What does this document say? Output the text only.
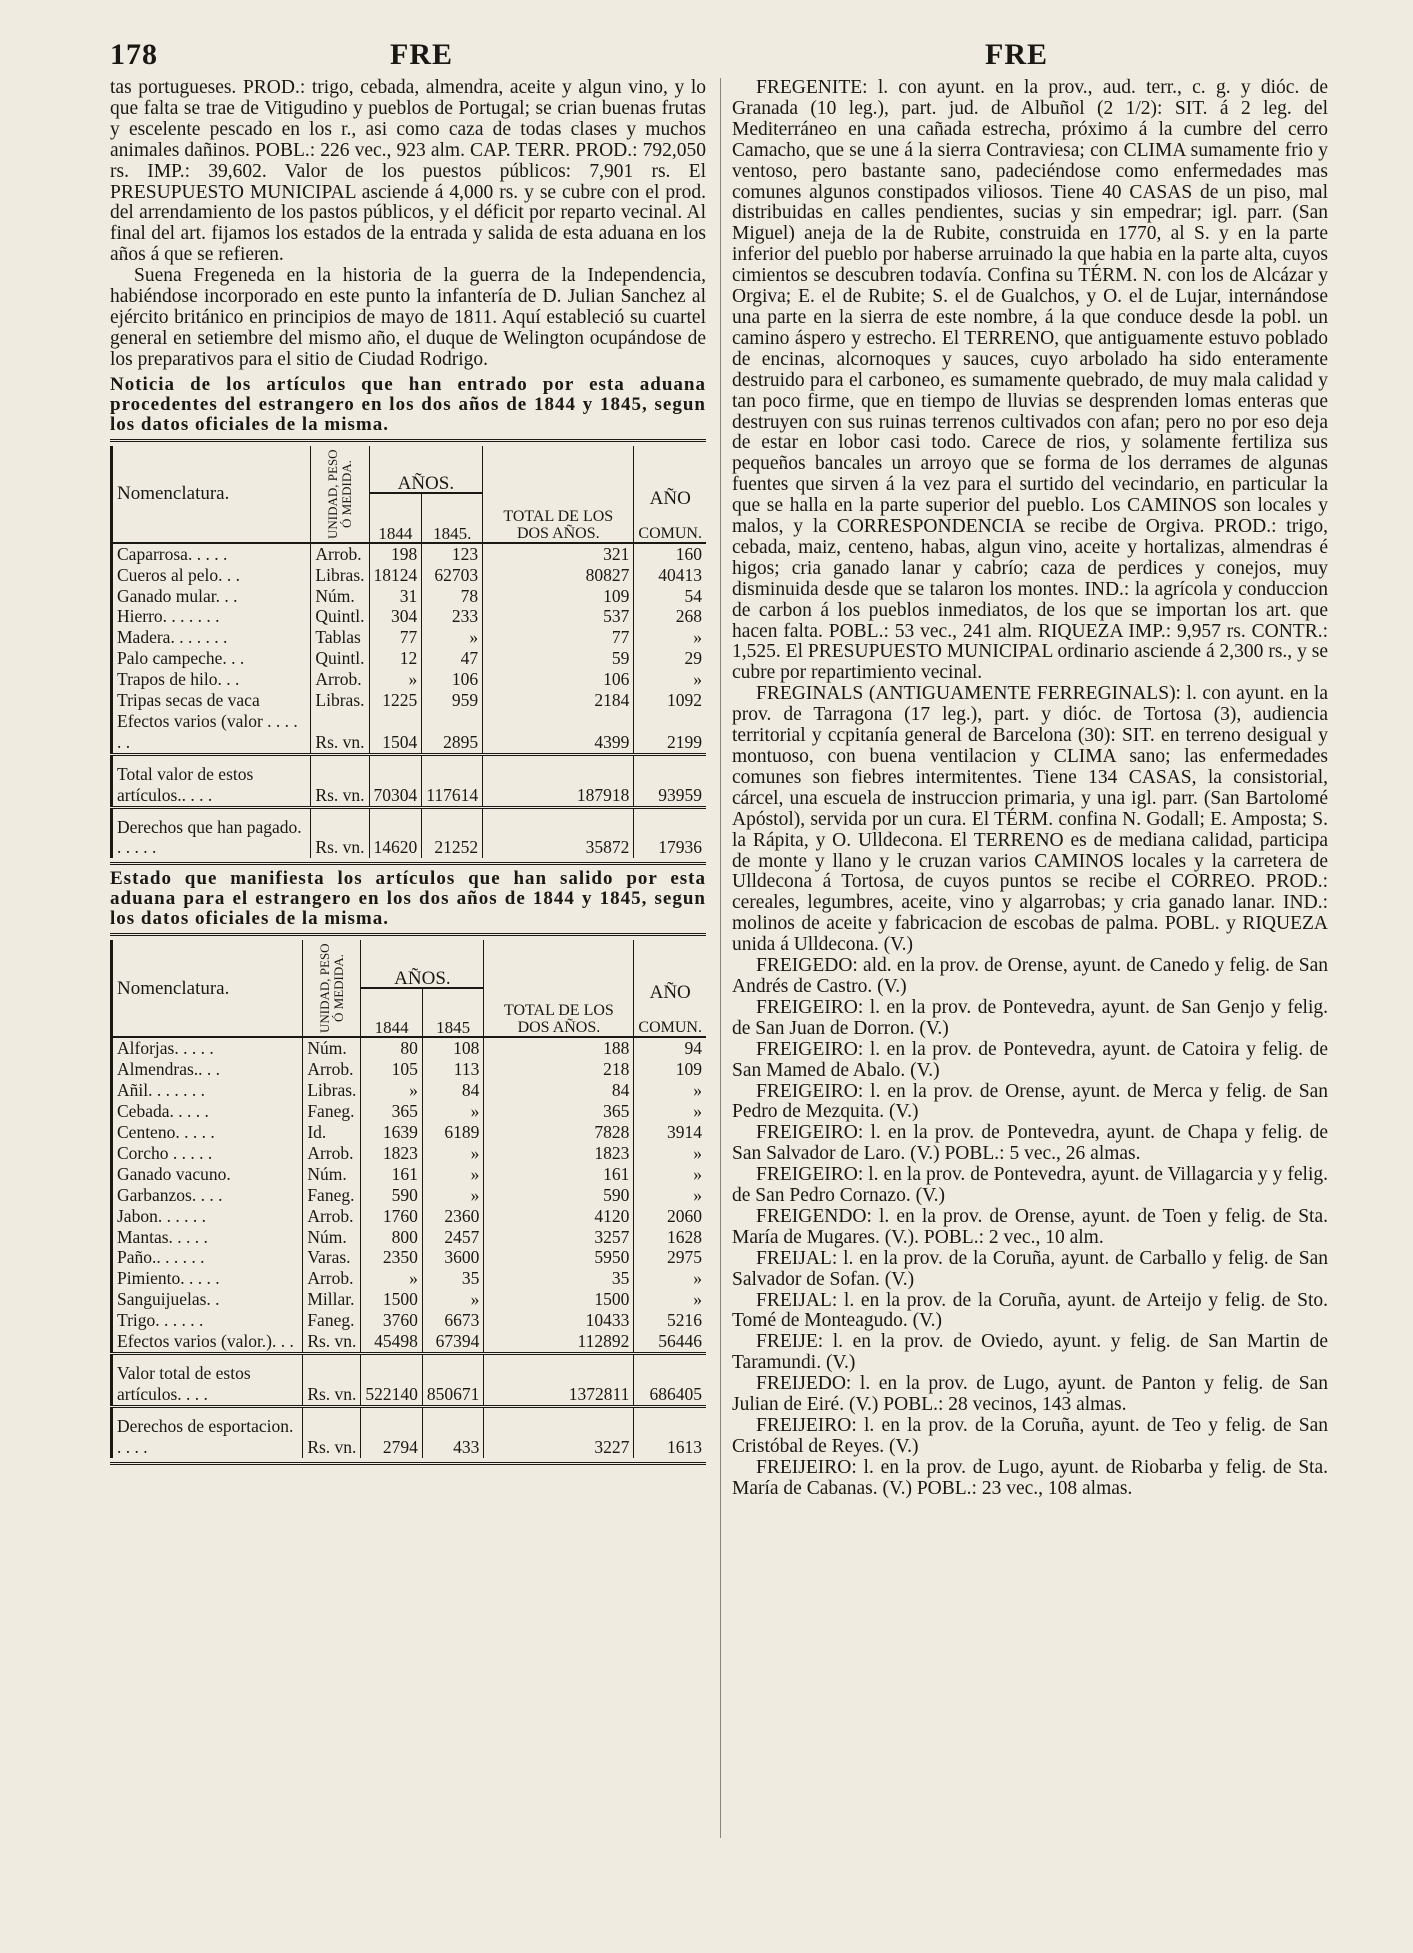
178	FRE	FRE

tas portugueses. PROD.: trigo, cebada, almendra, aceite y algun vino, y lo que falta se trae de Vitigudino y pueblos de Portugal; se crian buenas frutas y escelente pescado en los r., asi como caza de todas clases y muchos animales dañinos. POBL.: 226 vec., 923 alm. CAP. TERR. PROD.: 792,050 rs. IMP.: 39,602. Valor de los puestos públicos: 7,901 rs. El PRESUPUESTO MUNICIPAL asciende á 4,000 rs. y se cubre con el prod. del arrendamiento de los pastos públicos, y el déficit por reparto vecinal. Al final del art. fijamos los estados de la entrada y salida de esta aduana en los años á que se refieren.

Suena Fregeneda en la historia de la guerra de la Independencia, habiéndose incorporado en este punto la infantería de D. Julian Sanchez al ejército británico en principios de mayo de 1811. Aquí estableció su cuartel general en setiembre del mismo año, el duque de Welington ocupándose de los preparativos para el sitio de Ciudad Rodrigo.

Noticia de los artículos que han entrado por esta aduana procedentes del estrangero en los dos años de 1844 y 1845, segun los datos oficiales de la misma.
Nomenclatura.	UNIDAD, PESO Ó MEDIDA.	AÑOS.		TOTAL DE LOS DOS AÑOS.	AÑO

COMUN.
		1844	1845.		
Caparrosa. . . . .	Arrob.	198	123	321	160
Cueros al pelo. . .	Libras.	18124	62703	80827	40413
Ganado mular. . .	Núm.	31	78	109	54
Hierro. . . . . . .	Quintl.	304	233	537	268
Madera. . . . . . .	Tablas	77	»	77	»
Palo campeche. . .	Quintl.	12	47	59	29
Trapos de hilo. . .	Arrob.	»	106	106	»
Tripas secas de vaca	Libras.	1225	959	2184	1092
Efectos varios (valor . . . . . .	Rs. vn.	1504	2895	4399	2199
Total valor de estos artículos.. . . .	Rs. vn.	70304	117614	187918	93959
Derechos que han pagado. . . . . .	Rs. vn.	14620	21252	35872	17936
Estado que manifiesta los artículos que han salido por esta aduana para el estrangero en los dos años de 1844 y 1845, segun los datos oficiales de la misma.
Nomenclatura.	UNIDAD, PESO Ó MEDIDA.	AÑOS.		TOTAL DE LOS DOS AÑOS.	AÑO

COMUN.
		1844	1845		
Alforjas. . . . .	Núm.	80	108	188	94
Almendras.. . .	Arrob.	105	113	218	109
Añil. . . . . . .	Libras.	»	84	84	»
Cebada. . . . .	Faneg.	365	»	365	»
Centeno. . . . .	Id.	1639	6189	7828	3914
Corcho . . . . .	Arrob.	1823	»	1823	»
Ganado vacuno.	Núm.	161	»	161	»
Garbanzos. . . .	Faneg.	590	»	590	»
Jabon. . . . . .	Arrob.	1760	2360	4120	2060
Mantas. . . . .	Núm.	800	2457	3257	1628
Paño.. . . . . .	Varas.	2350	3600	5950	2975
Pimiento. . . . .	Arrob.	»	35	35	»
Sanguijuelas. .	Millar.	1500	»	1500	»
Trigo. . . . . .	Faneg.	3760	6673	10433	5216
Efectos varios (valor.). . .	Rs. vn.	45498	67394	112892	56446
Valor total de estos artículos. . . .	Rs. vn.	522140	850671	1372811	686405
Derechos de esportacion. . . . .	Rs. vn.	2794	433	3227	1613

FREGENITE: l. con ayunt. en la prov., aud. terr., c. g. y dióc. de Granada (10 leg.), part. jud. de Albuñol (2 1/2): SIT. á 2 leg. del Mediterráneo en una cañada estrecha, próximo á la cumbre del cerro Camacho, que se une á la sierra Contraviesa; con CLIMA sumamente frio y ventoso, pero bastante sano, padeciéndose como enfermedades mas comunes algunos constipados viliosos. Tiene 40 CASAS de un piso, mal distribuidas en calles pendientes, sucias y sin empedrar; igl. parr. (San Miguel) aneja de la de Rubite, construida en 1770, al S. y en la parte inferior del pueblo por haberse arruinado la que habia en la parte alta, cuyos cimientos se descubren todavía. Confina su TÉRM. N. con los de Alcázar y Orgiva; E. el de Rubite; S. el de Gualchos, y O. el de Lujar, internándose una parte en la sierra de este nombre, á la que conduce desde la pobl. un camino áspero y estrecho. El TERRENO, que antiguamente estuvo poblado de encinas, alcornoques y sauces, cuyo arbolado ha sido enteramente destruido para el carboneo, es sumamente quebrado, de muy mala calidad y tan poco firme, que en tiempo de lluvias se desprenden lomas enteras que destruyen con sus ruinas terrenos cultivados con afan; pero no por eso deja de estar en lobor casi todo. Carece de rios, y solamente fertiliza sus pequeños bancales un arroyo que se forma de los derrames de algunas fuentes que sirven á la vez para el surtido del vecindario, en particular la que se halla en la parte superior del pueblo. Los CAMINOS son locales y malos, y la CORRESPONDENCIA se recibe de Orgiva. PROD.: trigo, cebada, maiz, centeno, habas, algun vino, aceite y hortalizas, almendras é higos; cria ganado lanar y cabrío; caza de perdices y conejos, muy disminuida desde que se talaron los montes. IND.: la agrícola y conduccion de carbon á los pueblos inmediatos, de los que se importan los art. que hacen falta. POBL.: 53 vec., 241 alm. RIQUEZA IMP.: 9,957 rs. CONTR.: 1,525. El PRESUPUESTO MUNICIPAL ordinario asciende á 2,300 rs., y se cubre por repartimiento vecinal.

FREGINALS (ANTIGUAMENTE FERREGINALS): l. con ayunt. en la prov. de Tarragona (17 leg.), part. y dióc. de Tortosa (3), audiencia territorial y ccpitanía general de Barcelona (30): SIT. en terreno desigual y montuoso, con buena ventilacion y CLIMA sano; las enfermedades comunes son fiebres intermitentes. Tiene 134 CASAS, la consistorial, cárcel, una escuela de instruccion primaria, y una igl. parr. (San Bartolomé Apóstol), servida por un cura. El TÉRM. confina N. Godall; E. Amposta; S. la Rápita, y O. Ulldecona. El TERRENO es de mediana calidad, participa de monte y llano y le cruzan varios CAMINOS locales y la carretera de Ulldecona á Tortosa, de cuyos puntos se recibe el CORREO. PROD.: cereales, legumbres, aceite, vino y algarrobas; y cria ganado lanar. IND.: molinos de aceite y fabricacion de escobas de palma. POBL. y RIQUEZA unida á Ulldecona. (V.)

FREIGEDO: ald. en la prov. de Orense, ayunt. de Canedo y felig. de San Andrés de Castro. (V.)

FREIGEIRO: l. en la prov. de Pontevedra, ayunt. de San Genjo y felig. de San Juan de Dorron. (V.)

FREIGEIRO: l. en la prov. de Pontevedra, ayunt. de Catoira y felig. de San Mamed de Abalo. (V.)

FREIGEIRO: l. en la prov. de Orense, ayunt. de Merca y felig. de San Pedro de Mezquita. (V.)

FREIGEIRO: l. en la prov. de Pontevedra, ayunt. de Chapa y felig. de San Salvador de Laro. (V.) POBL.: 5 vec., 26 almas.

FREIGEIRO: l. en la prov. de Pontevedra, ayunt. de Villagarcia y y felig. de San Pedro Cornazo. (V.)

FREIGENDO: l. en la prov. de Orense, ayunt. de Toen y felig. de Sta. María de Mugares. (V.). POBL.: 2 vec., 10 alm.

FREIJAL: l. en la prov. de la Coruña, ayunt. de Carballo y felig. de San Salvador de Sofan. (V.)

FREIJAL: l. en la prov. de la Coruña, ayunt. de Arteijo y felig. de Sto. Tomé de Monteagudo. (V.)

FREIJE: l. en la prov. de Oviedo, ayunt. y felig. de San Martin de Taramundi. (V.)

FREIJEDO: l. en la prov. de Lugo, ayunt. de Panton y felig. de San Julian de Eiré. (V.) POBL.: 28 vecinos, 143 almas.

FREIJEIRO: l. en la prov. de la Coruña, ayunt. de Teo y felig. de San Cristóbal de Reyes. (V.)

FREIJEIRO: l. en la prov. de Lugo, ayunt. de Riobarba y felig. de Sta. María de Cabanas. (V.) POBL.: 23 vec., 108 almas.
